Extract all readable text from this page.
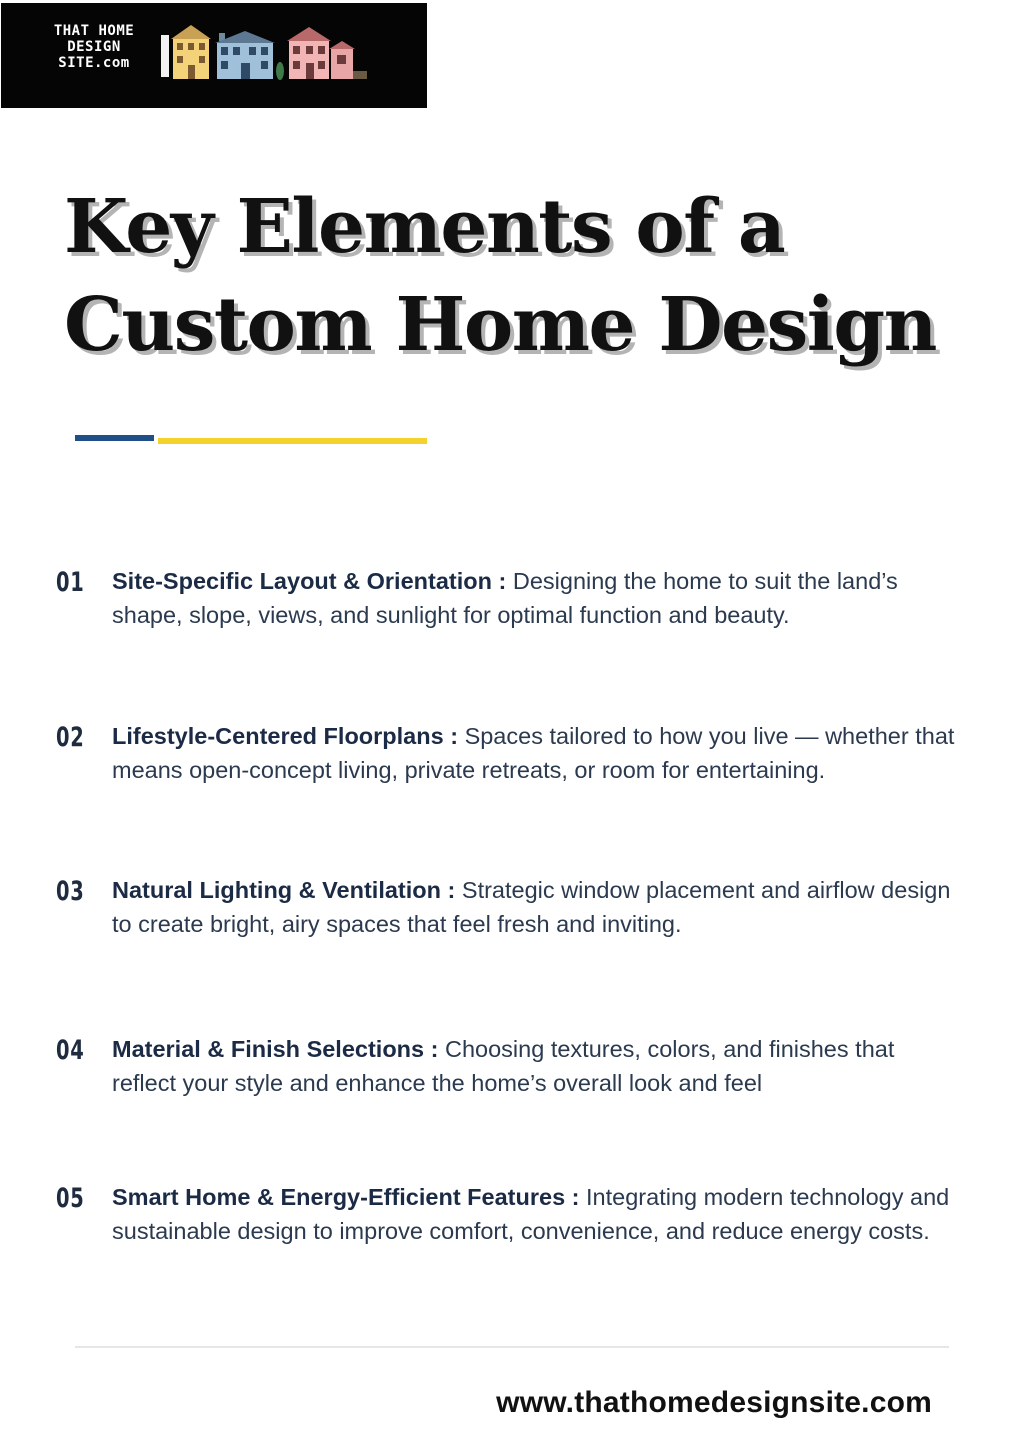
THAT HOME
DESIGN
SITE.com
Key Elements of a
Custom Home Design
01 Site-Specific Layout & Orientation : Designing the home to suit the land’s shape, slope, views, and sunlight for optimal function and beauty.

02 Lifestyle-Centered Floorplans : Spaces tailored to how you live — whether that means open-concept living, private retreats, or room for entertaining.

03 Natural Lighting & Ventilation : Strategic window placement and airflow design to create bright, airy spaces that feel fresh and inviting.

04 Material & Finish Selections : Choosing textures, colors, and finishes that reflect your style and enhance the home’s overall look and feel

05 Smart Home & Energy-Efficient Features : Integrating modern technology and sustainable design to improve comfort, convenience, and reduce energy costs.

www.thathomedesignsite.com
